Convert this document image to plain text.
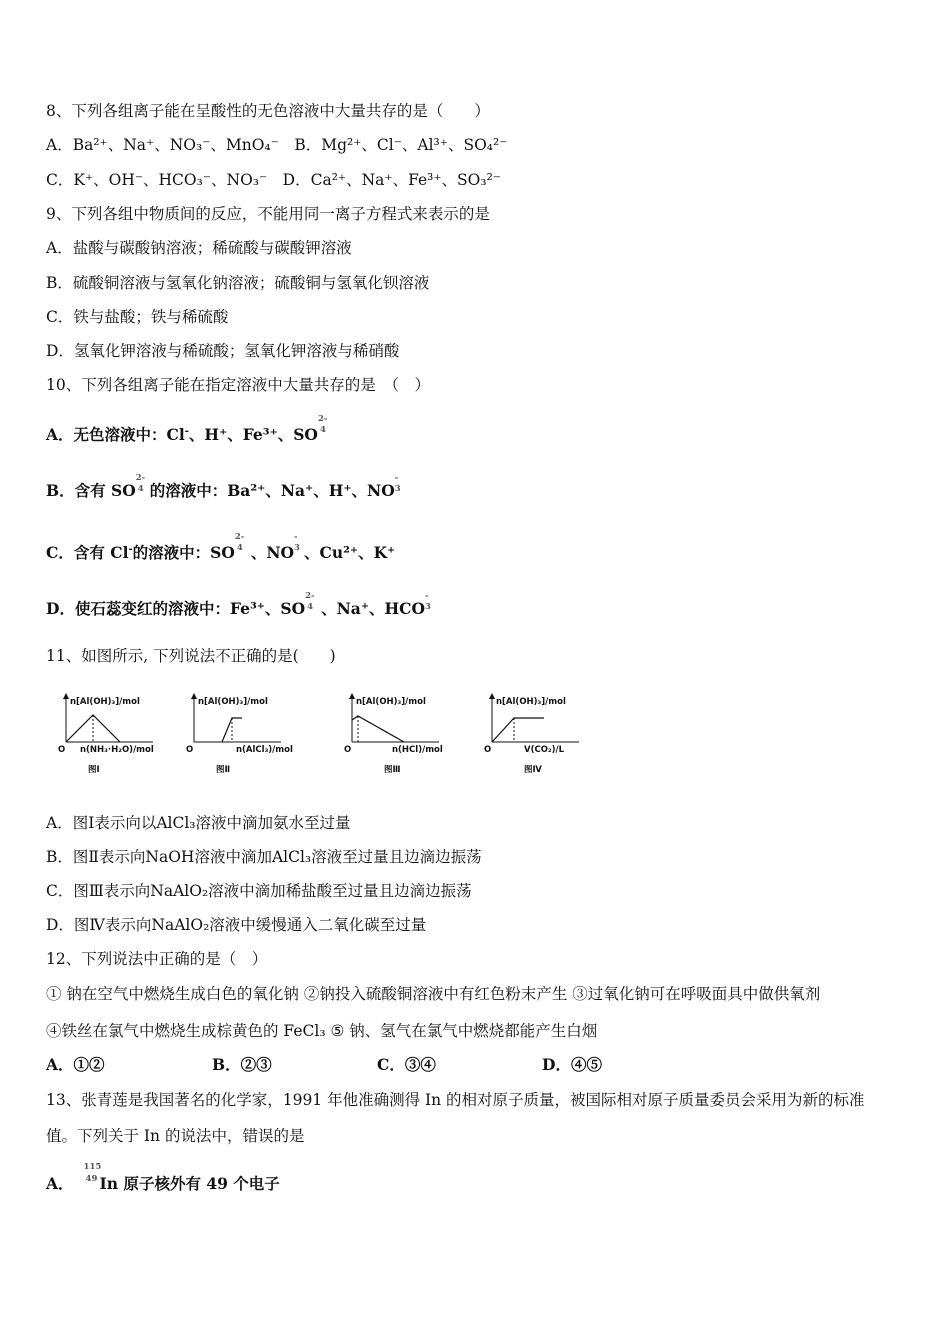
8、下列各组离子能在呈酸性的无色溶液中大量共存的是（　　）
A．Ba²⁺、Na⁺、NO₃⁻、MnO₄⁻　B．Mg²⁺、Cl⁻、Al³⁺、SO₄²⁻
C．K⁺、OH⁻、HCO₃⁻、NO₃⁻　D．Ca²⁺、Na⁺、Fe³⁺、SO₃²⁻
9、下列各组中物质间的反应，不能用同一离子方程式来表示的是
A．盐酸与碳酸钠溶液；稀硫酸与碳酸钾溶液
B．硫酸铜溶液与氢氧化钠溶液；硫酸铜与氢氧化钡溶液
C．铁与盐酸；铁与稀硫酸
D．氢氧化钾溶液与稀硫酸；氢氧化钾溶液与稀硝酸
10、下列各组离子能在指定溶液中大量共存的是　（　）
A．无色溶液中：Cl-、H⁺、Fe³⁺、SO
2-
4
B．含有 SO
2-
4 的溶液中：Ba²⁺、Na⁺、H⁺、NO
-
3
C．含有 Cl-的溶液中：SO
2-
4 、NO
-
3 、Cu²⁺、K⁺
D．使石蕊变红的溶液中：Fe³⁺、SO
2-
4 、Na⁺、HCO
-
3
11、如图所示, 下列说法不正确的是(　　)
n[Al(OH)₃]/mol
O n(NH₃·H₂O)/mol
图Ⅰ
n[Al(OH)₃]/mol
O	n(AlCl₃)/mol
图Ⅱ
n[Al(OH)₃]/mol
O	n(HCl)/mol
图Ⅲ
n[Al(OH)₃]/mol
O	V(CO₂)/L
图Ⅳ
A．图Ⅰ表示向以AlCl₃溶液中滴加氨水至过量
B．图Ⅱ表示向NaOH溶液中滴加AlCl₃溶液至过量且边滴边振荡
C．图Ⅲ表示向NaAlO₂溶液中滴加稀盐酸至过量且边滴边振荡
D．图Ⅳ表示向NaAlO₂溶液中缓慢通入二氧化碳至过量
12、下列说法中正确的是（　）
① 钠在空气中燃烧生成白色的氧化钠 ②钠投入硫酸铜溶液中有红色粉末产生 ③过氧化钠可在呼吸面具中做供氧剂
④铁丝在氯气中燃烧生成棕黄色的 FeCl₃ ⑤ 钠、氢气在氯气中燃烧都能产生白烟
A．①②	B．②③	C．③④	D．④⑤
13、张青莲是我国著名的化学家，1991 年他准确测得 In 的相对原子质量，被国际相对原子质量委员会采用为新的标准
值。下列关于 In 的说法中，错误的是
A．
115
49 In 原子核外有 49 个电子
